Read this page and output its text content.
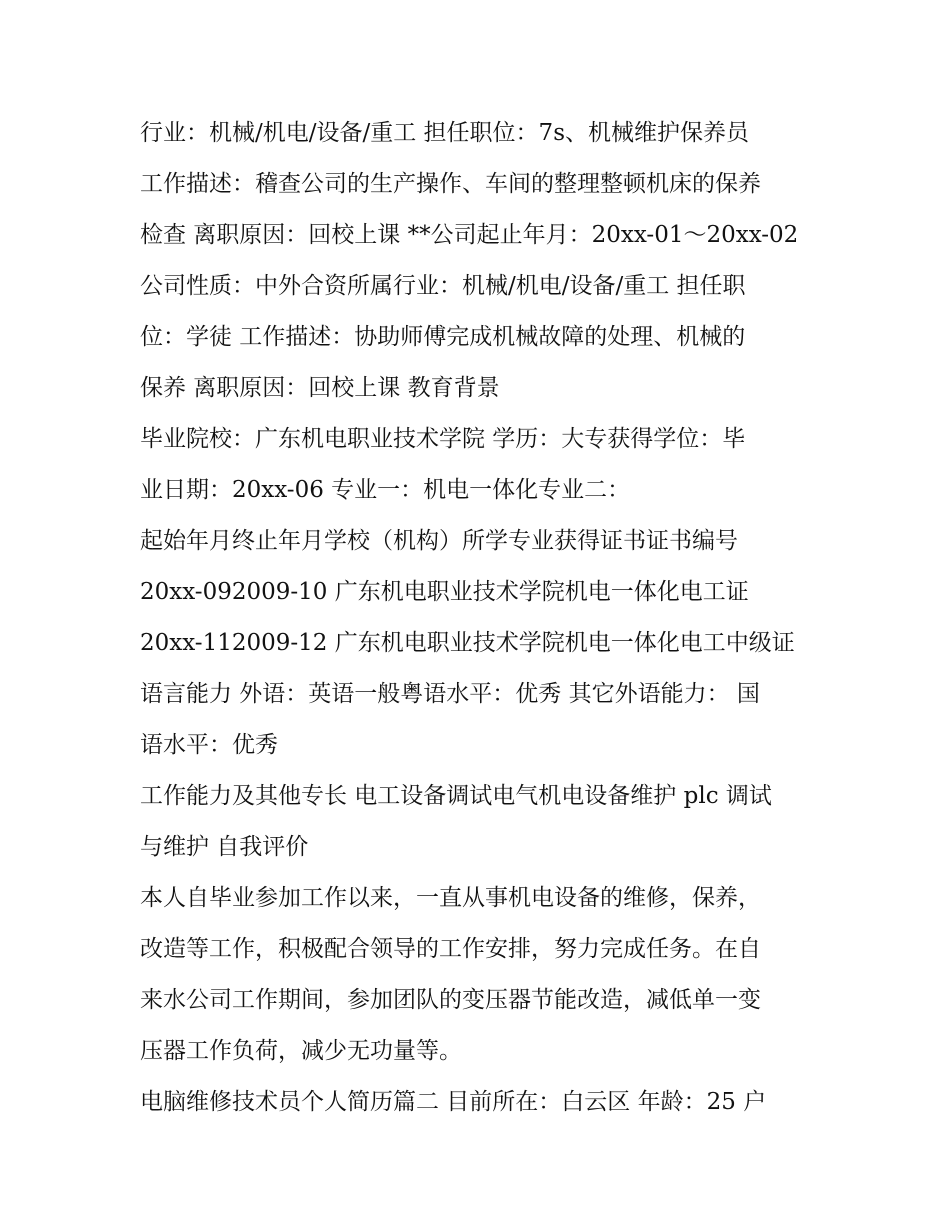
行业：机械/机电/设备/重工 担任职位：7s、机械维护保养员
工作描述：稽查公司的生产操作、车间的整理整顿机床的保养
检查 离职原因：回校上课 **公司起止年月：20xx-01～20xx-02
公司性质：中外合资所属行业：机械/机电/设备/重工 担任职
位：学徒 工作描述：协助师傅完成机械故障的处理、机械的
保养 离职原因：回校上课 教育背景
毕业院校：广东机电职业技术学院 学历：大专获得学位：毕
业日期：20xx-06 专业一：机电一体化专业二：
起始年月终止年月学校（机构）所学专业获得证书证书编号
20xx-092009-10 广东机电职业技术学院机电一体化电工证
20xx-112009-12 广东机电职业技术学院机电一体化电工中级证
语言能力 外语：英语一般粤语水平：优秀 其它外语能力： 国
语水平：优秀
工作能力及其他专长 电工设备调试电气机电设备维护 plc 调试
与维护 自我评价
本人自毕业参加工作以来，一直从事机电设备的维修，保养，
改造等工作，积极配合领导的工作安排，努力完成任务。在自
来水公司工作期间，参加团队的变压器节能改造，减低单一变
压器工作负荷，减少无功量等。
电脑维修技术员个人简历篇二 目前所在：白云区 年龄：25 户
